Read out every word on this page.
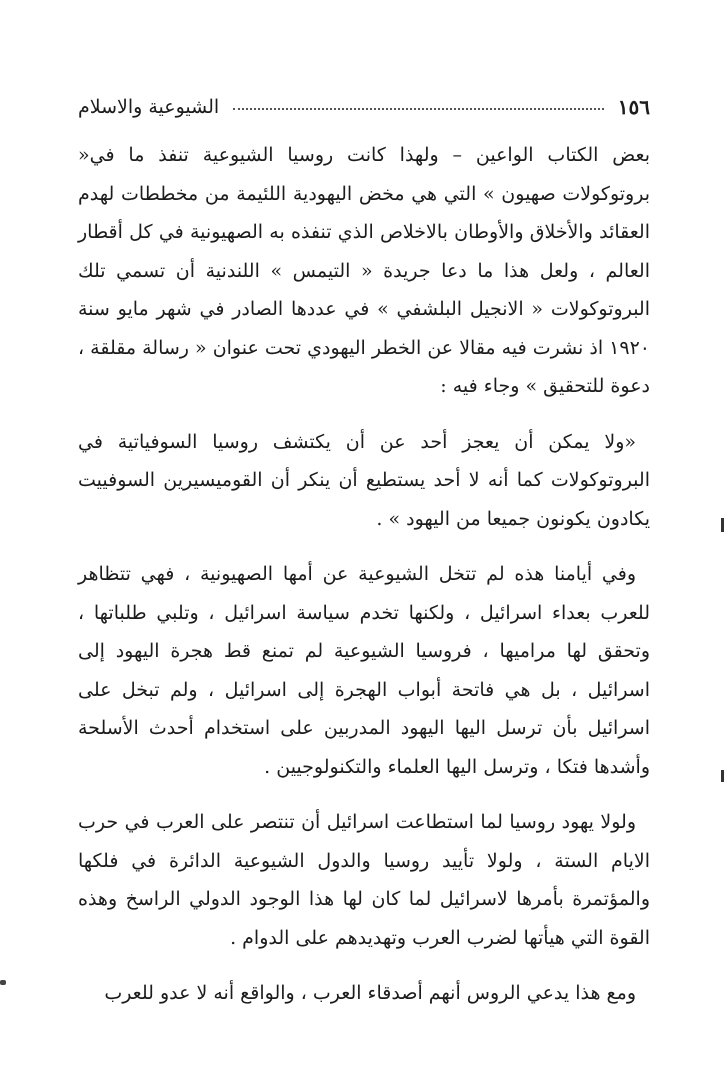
١٥٦
الشيوعية والاسلام

بعض الكتاب الواعين – ولهذا كانت روسيا الشيوعية تنفذ ما في« بروتوكولات صهيون » التي هي مخض اليهودية اللئيمة من مخططات لهدم العقائد والأخلاق والأوطان بالاخلاص الذي تنفذه به الصهيونية في كل أقطار العالم ، ولعل هذا ما دعا جريدة « التيمس » اللندنية أن تسمي تلك البروتوكولات « الانجيل البلشفي » في عددها الصادر في شهر مايو سنة ١٩٢٠ اذ نشرت فيه مقالا عن الخطر اليهودي تحت عنوان « رسالة مقلقة ، دعوة للتحقيق » وجاء فيه :

«ولا يمكن أن يعجز أحد عن أن يكتشف روسيا السوفياتية في البروتوكولات كما أنه لا أحد يستطيع أن ينكر أن القوميسيرين السوفييت يكادون يكونون جميعا من اليهود » .

وفي أيامنا هذه لم تتخل الشيوعية عن أمها الصهيونية ، فهي تتظاهر للعرب بعداء اسرائيل ، ولكنها تخدم سياسة اسرائيل ، وتلبي طلباتها ، وتحقق لها مراميها ، فروسيا الشيوعية لم تمنع قط هجرة اليهود إلى اسرائيل ، بل هي فاتحة أبواب الهجرة إلى اسرائيل ، ولم تبخل على اسرائيل بأن ترسل اليها اليهود المدربين على استخدام أحدث الأسلحة وأشدها فتكا ، وترسل اليها العلماء والتكنولوجيين .

ولولا يهود روسيا لما استطاعت اسرائيل أن تنتصر على العرب في حرب الايام الستة ، ولولا تأييد روسيا والدول الشيوعية الدائرة في فلكها والمؤتمرة بأمرها لاسرائيل لما كان لها هذا الوجود الدولي الراسخ وهذه القوة التي هيأتها لضرب العرب وتهديدهم على الدوام .

ومع هذا يدعي الروس أنهم أصدقاء العرب ، والواقع أنه لا عدو للعرب
